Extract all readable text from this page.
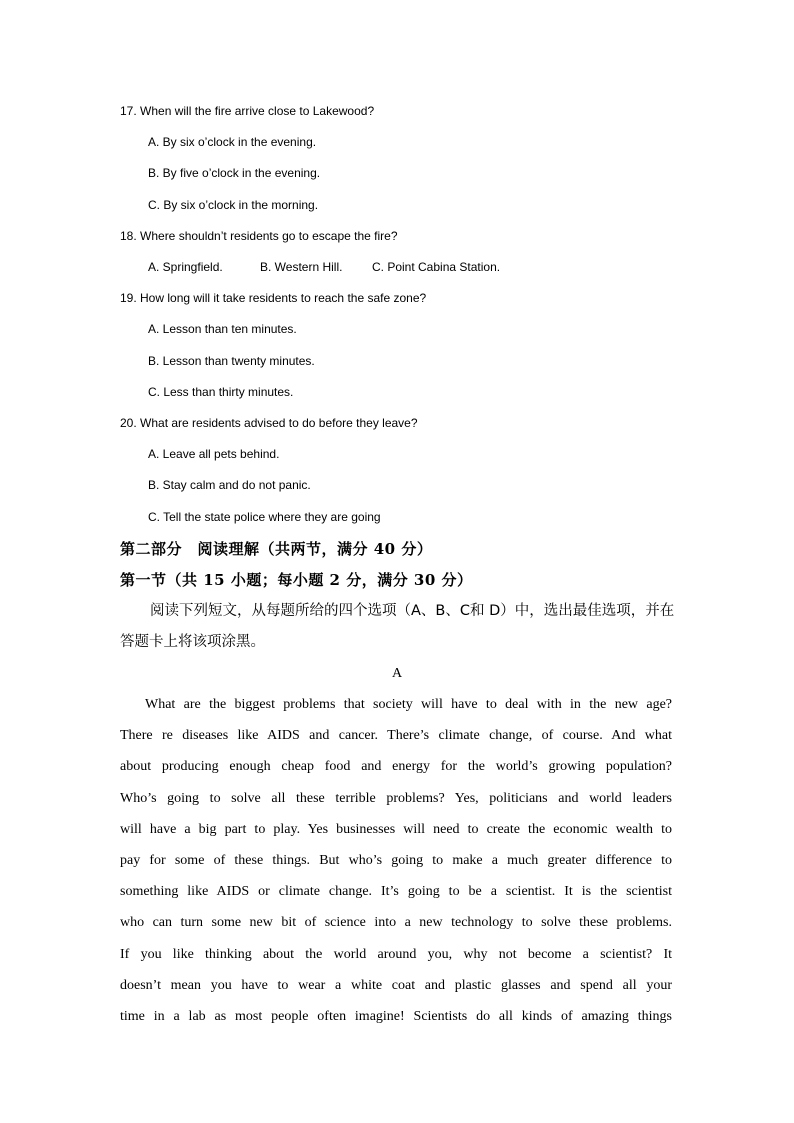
17. When will the fire arrive close to Lakewood?
A. By six o’clock in the evening.
B. By five o’clock in the evening.
C. By six o’clock in the morning.
18. Where shouldn’t residents go to escape the fire?
A. Springfield.	B. Western Hill. C. Point Cabina Station.
19. How long will it take residents to reach the safe zone?
A. Lesson than ten minutes.
B. Lesson than twenty minutes.
C. Less than thirty minutes.
20. What are residents advised to do before they leave?
A. Leave all pets behind.
B. Stay calm and do not panic.
C. Tell the state police where they are going
第二部分　阅读理解（共两节，满分 40 分）
第一节（共 15 小题；每小题 2 分，满分 30 分）
阅读下列短文，从每题所给的四个选项（A、B、C和 D）中，选出最佳选项，并在答题卡上将该项涂黑。
A
What are the biggest problems that society will have to deal with in the new age?
There re diseases like AIDS and cancer. There’s climate change, of course. And what
about producing enough cheap food and energy for the world’s growing population?
Who’s going to solve all these terrible problems? Yes, politicians and world leaders
will have a big part to play. Yes businesses will need to create the economic wealth to
pay for some of these things. But who’s going to make a much greater difference to
something like AIDS or climate change. It’s going to be a scientist. It is the scientist
who can turn some new bit of science into a new technology to solve these problems.
If you like thinking about the world around you, why not become a scientist? It
doesn’t mean you have to wear a white coat and plastic glasses and spend all your
time in a lab as most people often imagine! Scientists do all kinds of amazing things
